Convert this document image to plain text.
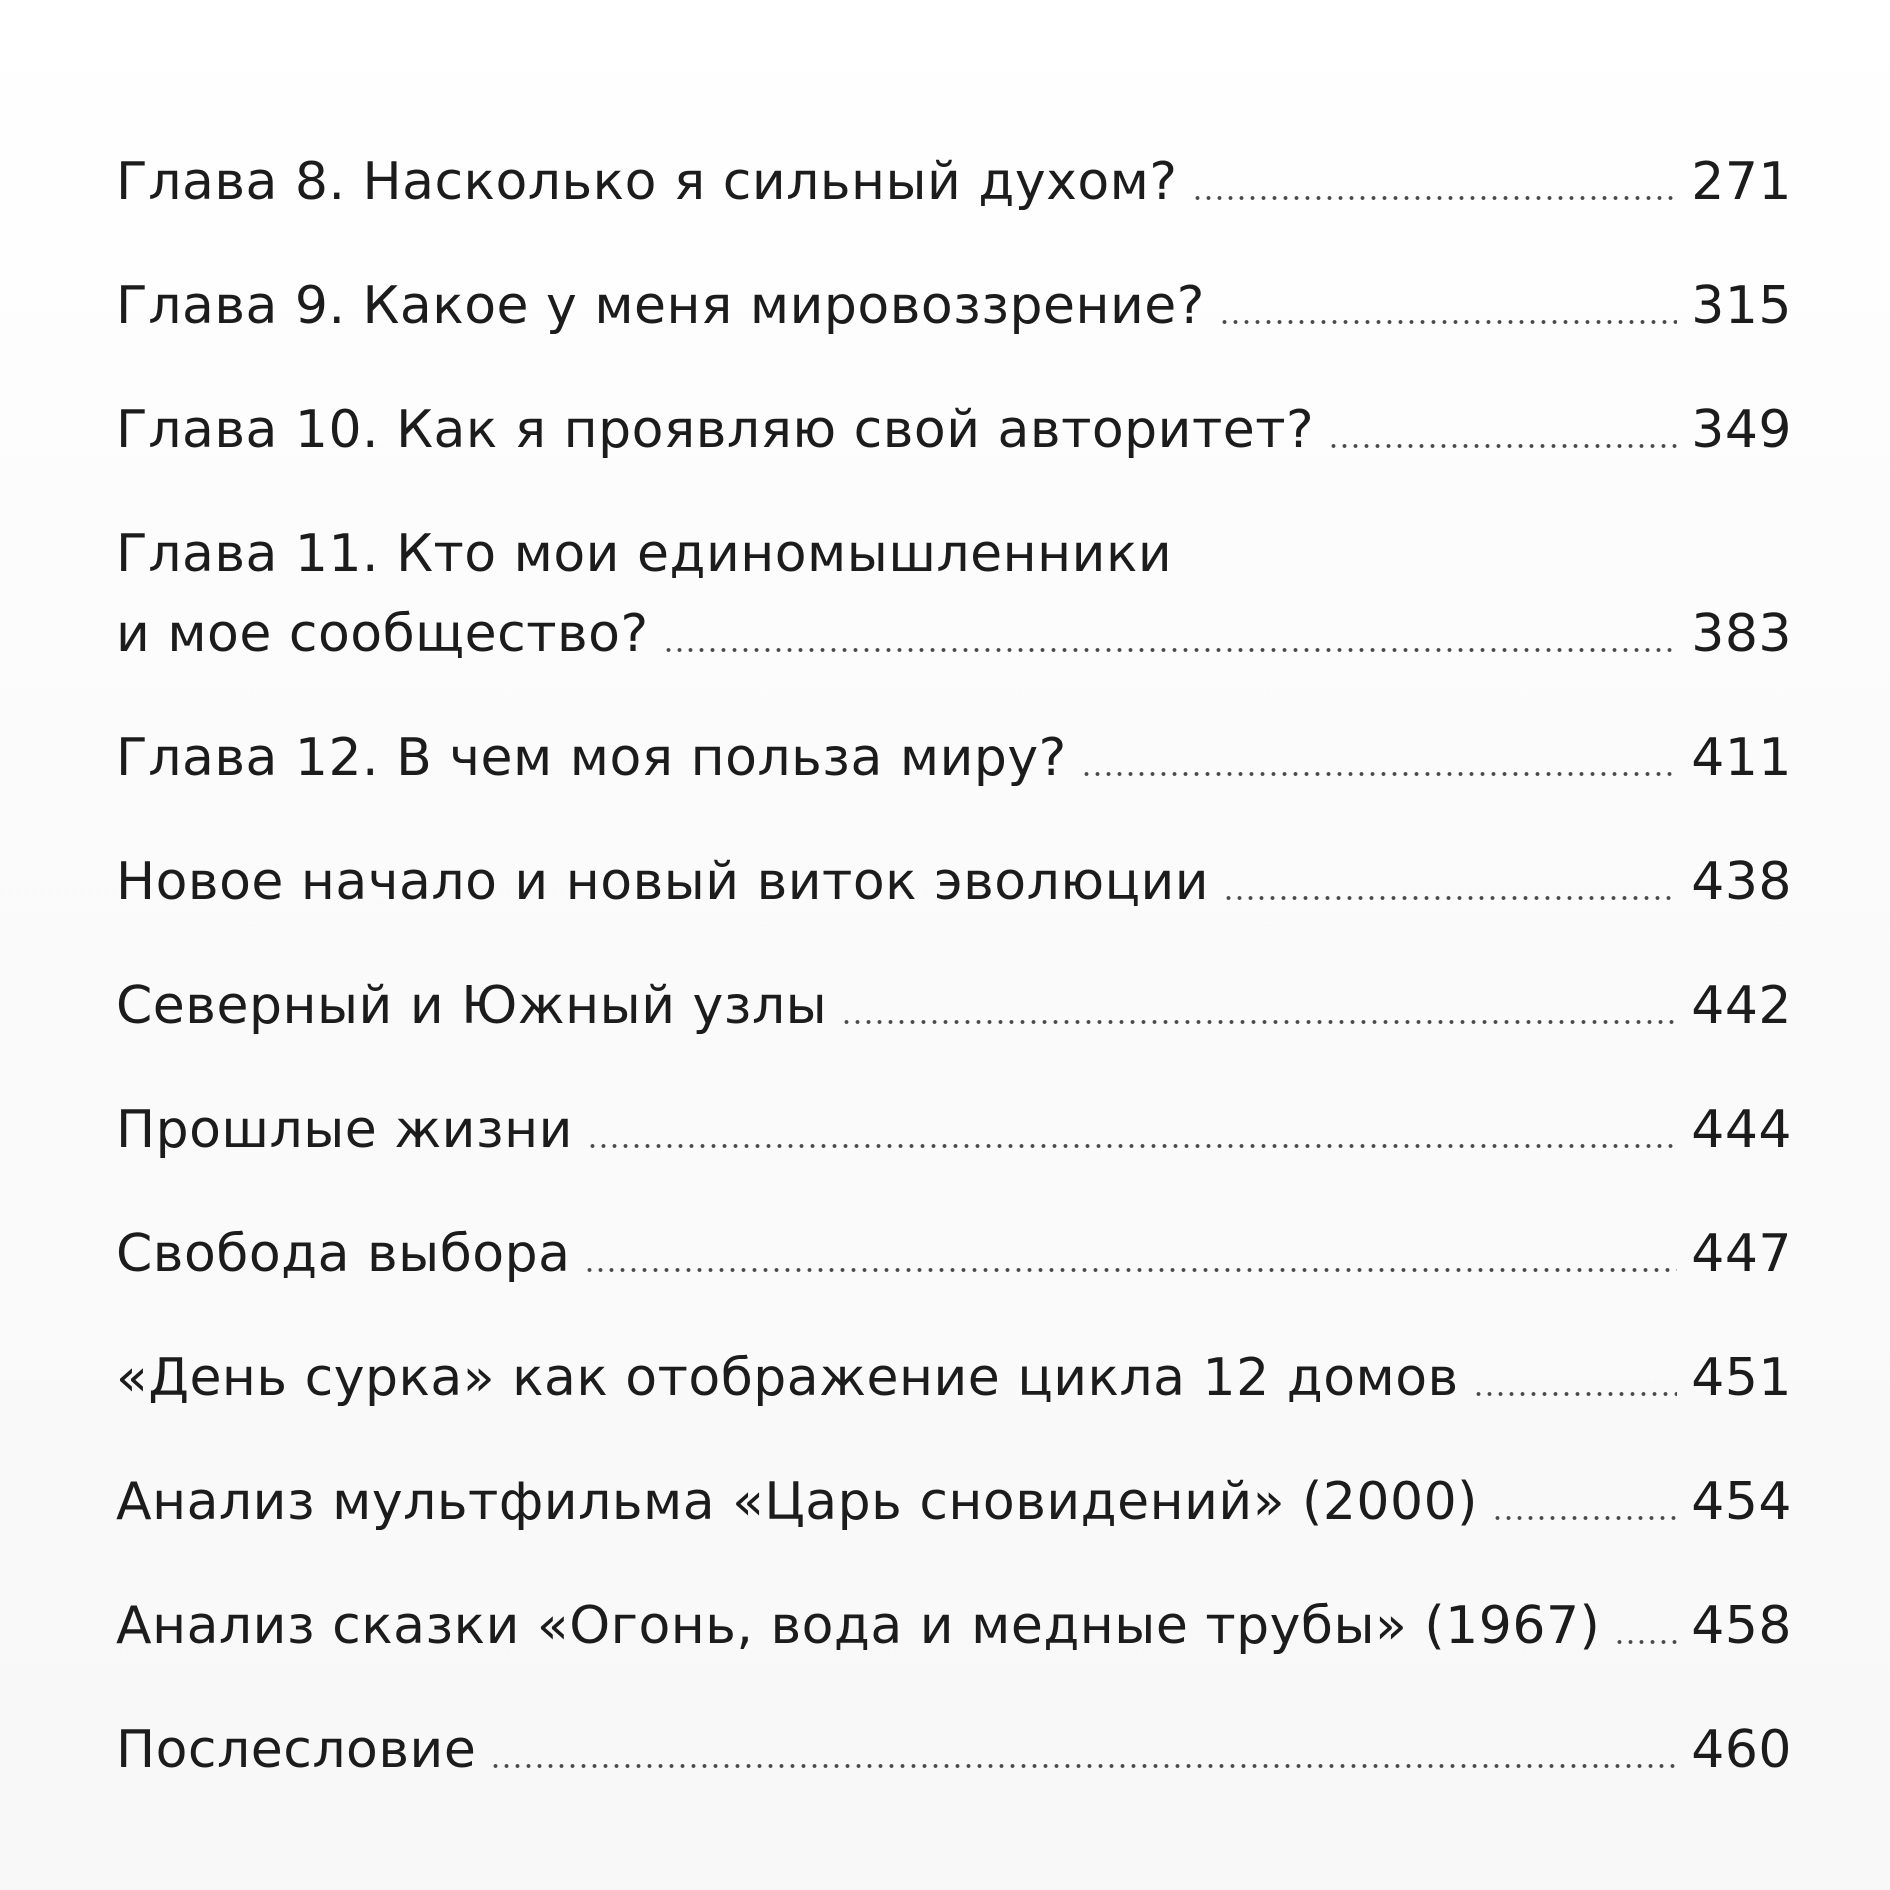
Глава 8. Насколько я сильный духом?	271
Глава 9. Какое у меня мировоззрение?	315
Глава 10. Как я проявляю свой авторитет?	349
Глава 11. Кто мои единомышленники
и мое сообщество?	383
Глава 12. В чем моя польза миру?	411
Новое начало и новый виток эволюции	438
Северный и Южный узлы	442
Прошлые жизни	444
Свобода выбора	447
«День сурка» как отображение цикла 12 домов	451
Анализ мультфильма «Царь сновидений» (2000)	454
Анализ сказки «Огонь, вода и медные трубы» (1967) 458
Послесловие	460
